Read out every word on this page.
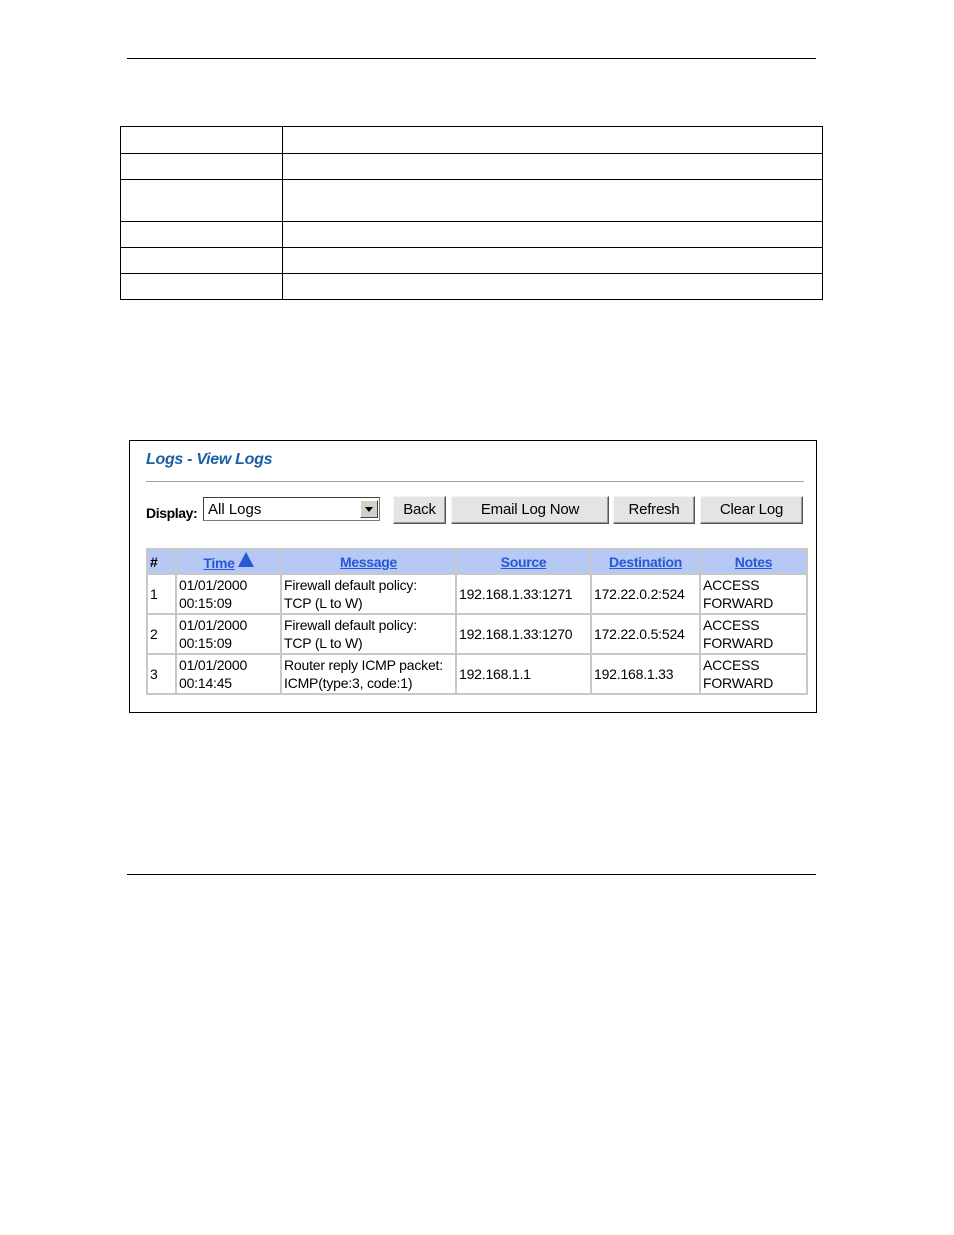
Logs - View Logs
Display: All Logs	Back	Email Log Now	Refresh	Clear Log
#	Time	Message	Source	Destination	Notes
1	01/01/2000
00:15:09	Firewall default policy:
TCP (L to W)	192.168.1.33:1271	172.22.0.2:524	ACCESS
FORWARD
2	01/01/2000
00:15:09	Firewall default policy:
TCP (L to W)	192.168.1.33:1270	172.22.0.5:524	ACCESS
FORWARD
3	01/01/2000
00:14:45	Router reply ICMP packet:
ICMP(type:3, code:1)	192.168.1.1	192.168.1.33	ACCESS
FORWARD
